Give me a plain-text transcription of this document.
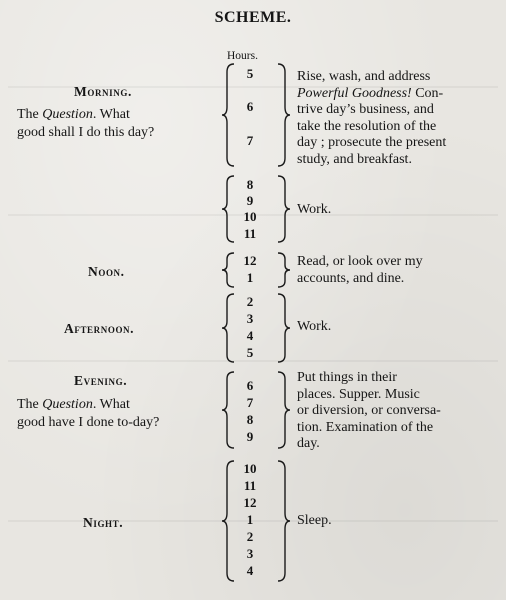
SCHEME.
Hours.
Morning.
The Question. What
good shall I do this day?
5
6
7
Rise, wash, and address
Powerful Goodness! Con-
trive day’s business, and
take the resolution of the
day ; prosecute the present
study, and breakfast.
8
9
10
11
Work.
Noon.
12
1
Read, or look over my
accounts, and dine.
Afternoon.
2
3
4
5
Work.
Evening.
The Question. What
good have I done to-day?
6
7
8
9
Put things in their
places. Supper. Music
or diversion, or conversa-
tion. Examination of the
day.
Night.
10
11
12
1
2
3
4
Sleep.
